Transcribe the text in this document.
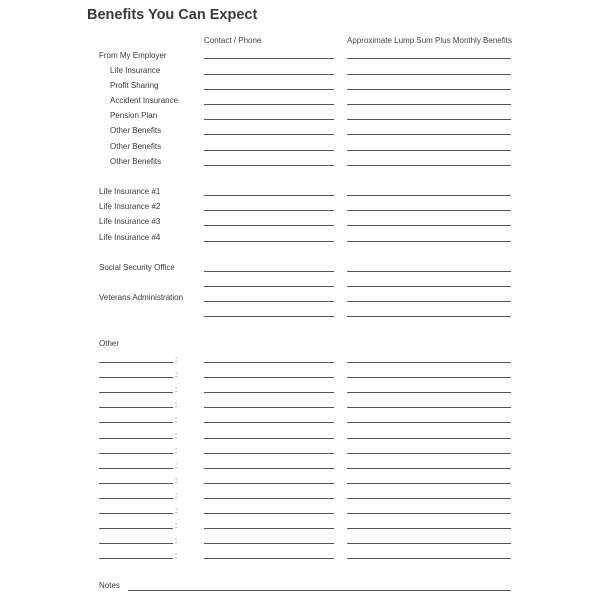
Benefits You Can Expect
Contact / Phone	Approximate Lump Sum Plus Monthly Benefits
From My Employer
Life Insurance
Profit Sharing
Accident Insurance
Pension Plan
Other Benefits
Other Benefits
Other Benefits
Life Insurance #1
Life Insurance #2
Life Insurance #3
Life Insurance #4
Social Security Office
Veterans Administration
Other
:
:
:
:
:
:
:
:
:
:
:
:
:
:
Notes
